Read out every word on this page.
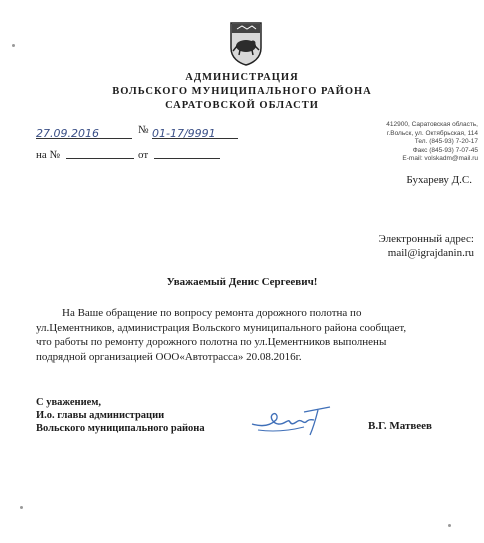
АДМИНИСТРАЦИЯ
ВОЛЬСКОГО МУНИЦИПАЛЬНОГО РАЙОНА
САРАТОВСКОЙ ОБЛАСТИ
27.09.2016	№ 01-17/9991
на №	от
412900, Саратовская область,
г.Вольск, ул. Октябрьская, 114
Тел. (845-93) 7-20-17
Факс (845-93) 7-07-45
E-mail: volskadm@mail.ru
Бухареву Д.С.
Электронный адрес:
mail@igrajdanin.ru
Уважаемый Денис Сергеевич!
На Ваше обращение по вопросу ремонта дорожного полотна по
ул.Цементников, администрация Вольского муниципального района сообщает,
что работы по ремонту дорожного полотна по ул.Цементников выполнены
подрядной организацией ООО«Автотрасса» 20.08.2016г.
С уважением,
И.о. главы администрации
Вольского муниципального района	В.Г. Матвеев
